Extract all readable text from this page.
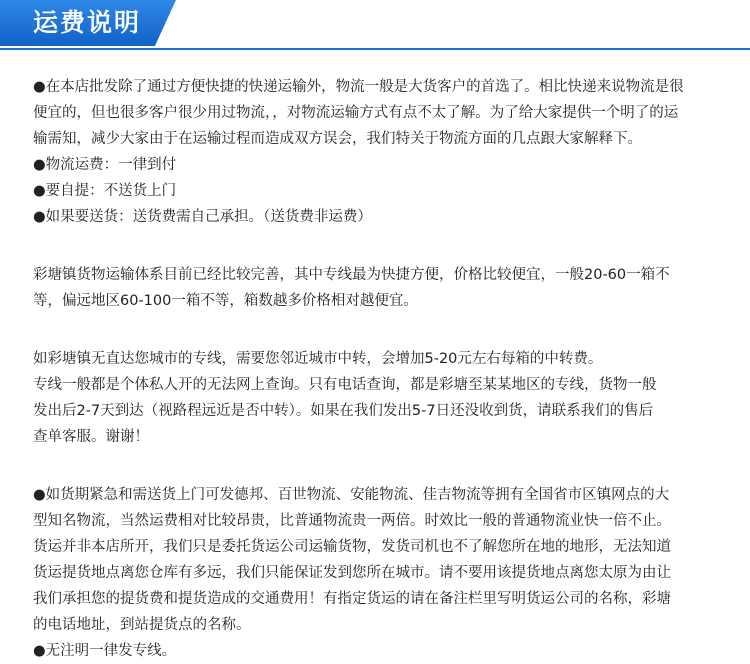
运费说明
●在本店批发除了通过方便快捷的快递运输外，物流一般是大货客户的首选了。相比快递来说物流是很
便宜的，但也很多客户很少用过物流，，对物流运输方式有点不太了解。为了给大家提供一个明了的运
输需知，减少大家由于在运输过程而造成双方误会，我们特关于物流方面的几点跟大家解释下。
●物流运费：一律到付
●要自提：不送货上门
●如果要送货：送货费需自己承担。（送货费非运费）
彩塘镇货物运输体系目前已经比较完善，其中专线最为快捷方便，价格比较便宜，一般20-60一箱不
等，偏远地区60-100一箱不等，箱数越多价格相对越便宜。
如彩塘镇无直达您城市的专线，需要您邻近城市中转，会增加5-20元左右每箱的中转费。
专线一般都是个体私人开的无法网上查询。只有电话查询，都是彩塘至某某地区的专线，货物一般
发出后2-7天到达（视路程远近是否中转）。如果在我们发出5-7日还没收到货，请联系我们的售后
查单客服。谢谢！
●如货期紧急和需送货上门可发德邦、百世物流、安能物流、佳吉物流等拥有全国省市区镇网点的大
型知名物流，当然运费相对比较昂贵，比普通物流贵一两倍。时效比一般的普通物流业快一倍不止。
货运并非本店所开，我们只是委托货运公司运输货物，发货司机也不了解您所在地的地形，无法知道
货运提货地点离您仓库有多远，我们只能保证发到您所在城市。请不要用该提货地点离您太原为由让
我们承担您的提货费和提货造成的交通费用！有指定货运的请在备注栏里写明货运公司的名称，彩塘
的电话地址，到站提货点的名称。
●无注明一律发专线。
